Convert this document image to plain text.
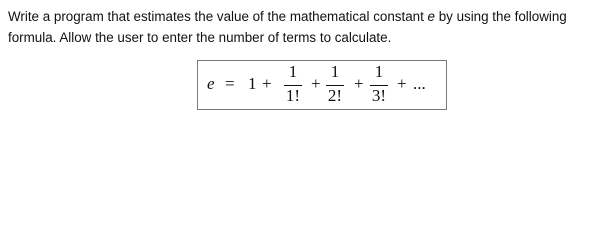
Write a program that estimates the value of the mathematical constant e by using the following formula. Allow the user to enter the number of terms to calculate.

e = 1 +
1
1!
+
1
2!
+
1
3!
+ ...
